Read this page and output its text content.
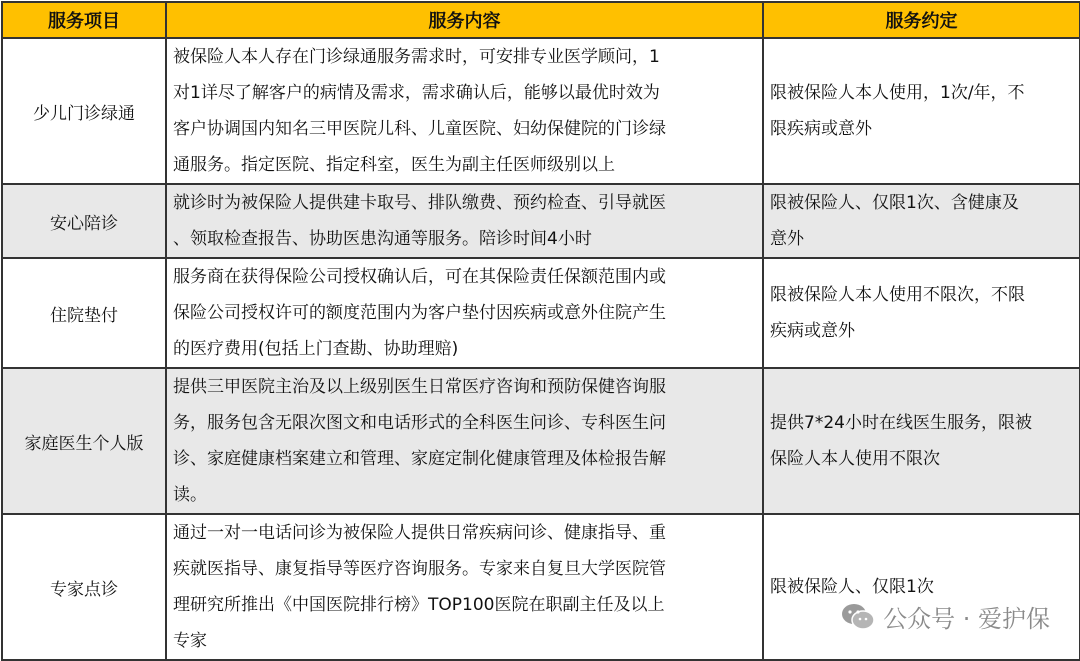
服务项目	服务内容	服务约定
少儿门诊绿通	被保险人本人存在门诊绿通服务需求时，可安排专业医学顾问，1
对1详尽了解客户的病情及需求，需求确认后，能够以最优时效为
客户协调国内知名三甲医院儿科、儿童医院、妇幼保健院的门诊绿
通服务。指定医院、指定科室，医生为副主任医师级别以上	限被保险人本人使用，1次/年，不
限疾病或意外

安心陪诊	就诊时为被保险人提供建卡取号、排队缴费、预约检查、引导就医
、领取检查报告、协助医患沟通等服务。陪诊时间4小时	限被保险人、仅限1次、含健康及
意外

住院垫付	服务商在获得保险公司授权确认后，可在其保险责任保额范围内或
保险公司授权许可的额度范围内为客户垫付因疾病或意外住院产生
的医疗费用(包括上门查勘、协助理赔)	限被保险人本人使用不限次，不限
疾病或意外

家庭医生个人版	提供三甲医院主治及以上级别医生日常医疗咨询和预防保健咨询服
务，服务包含无限次图文和电话形式的全科医生问诊、专科医生问
诊、家庭健康档案建立和管理、家庭定制化健康管理及体检报告解
读。	提供7*24小时在线医生服务，限被
保险人本人使用不限次

专家点诊	通过一对一电话问诊为被保险人提供日常疾病问诊、健康指导、重
疾就医指导、康复指导等医疗咨询服务。专家来自复旦大学医院管
理研究所推出《中国医院排行榜》TOP100医院在职副主任及以上
专家	限被保险人、仅限1次
公众号 · 爱护保
